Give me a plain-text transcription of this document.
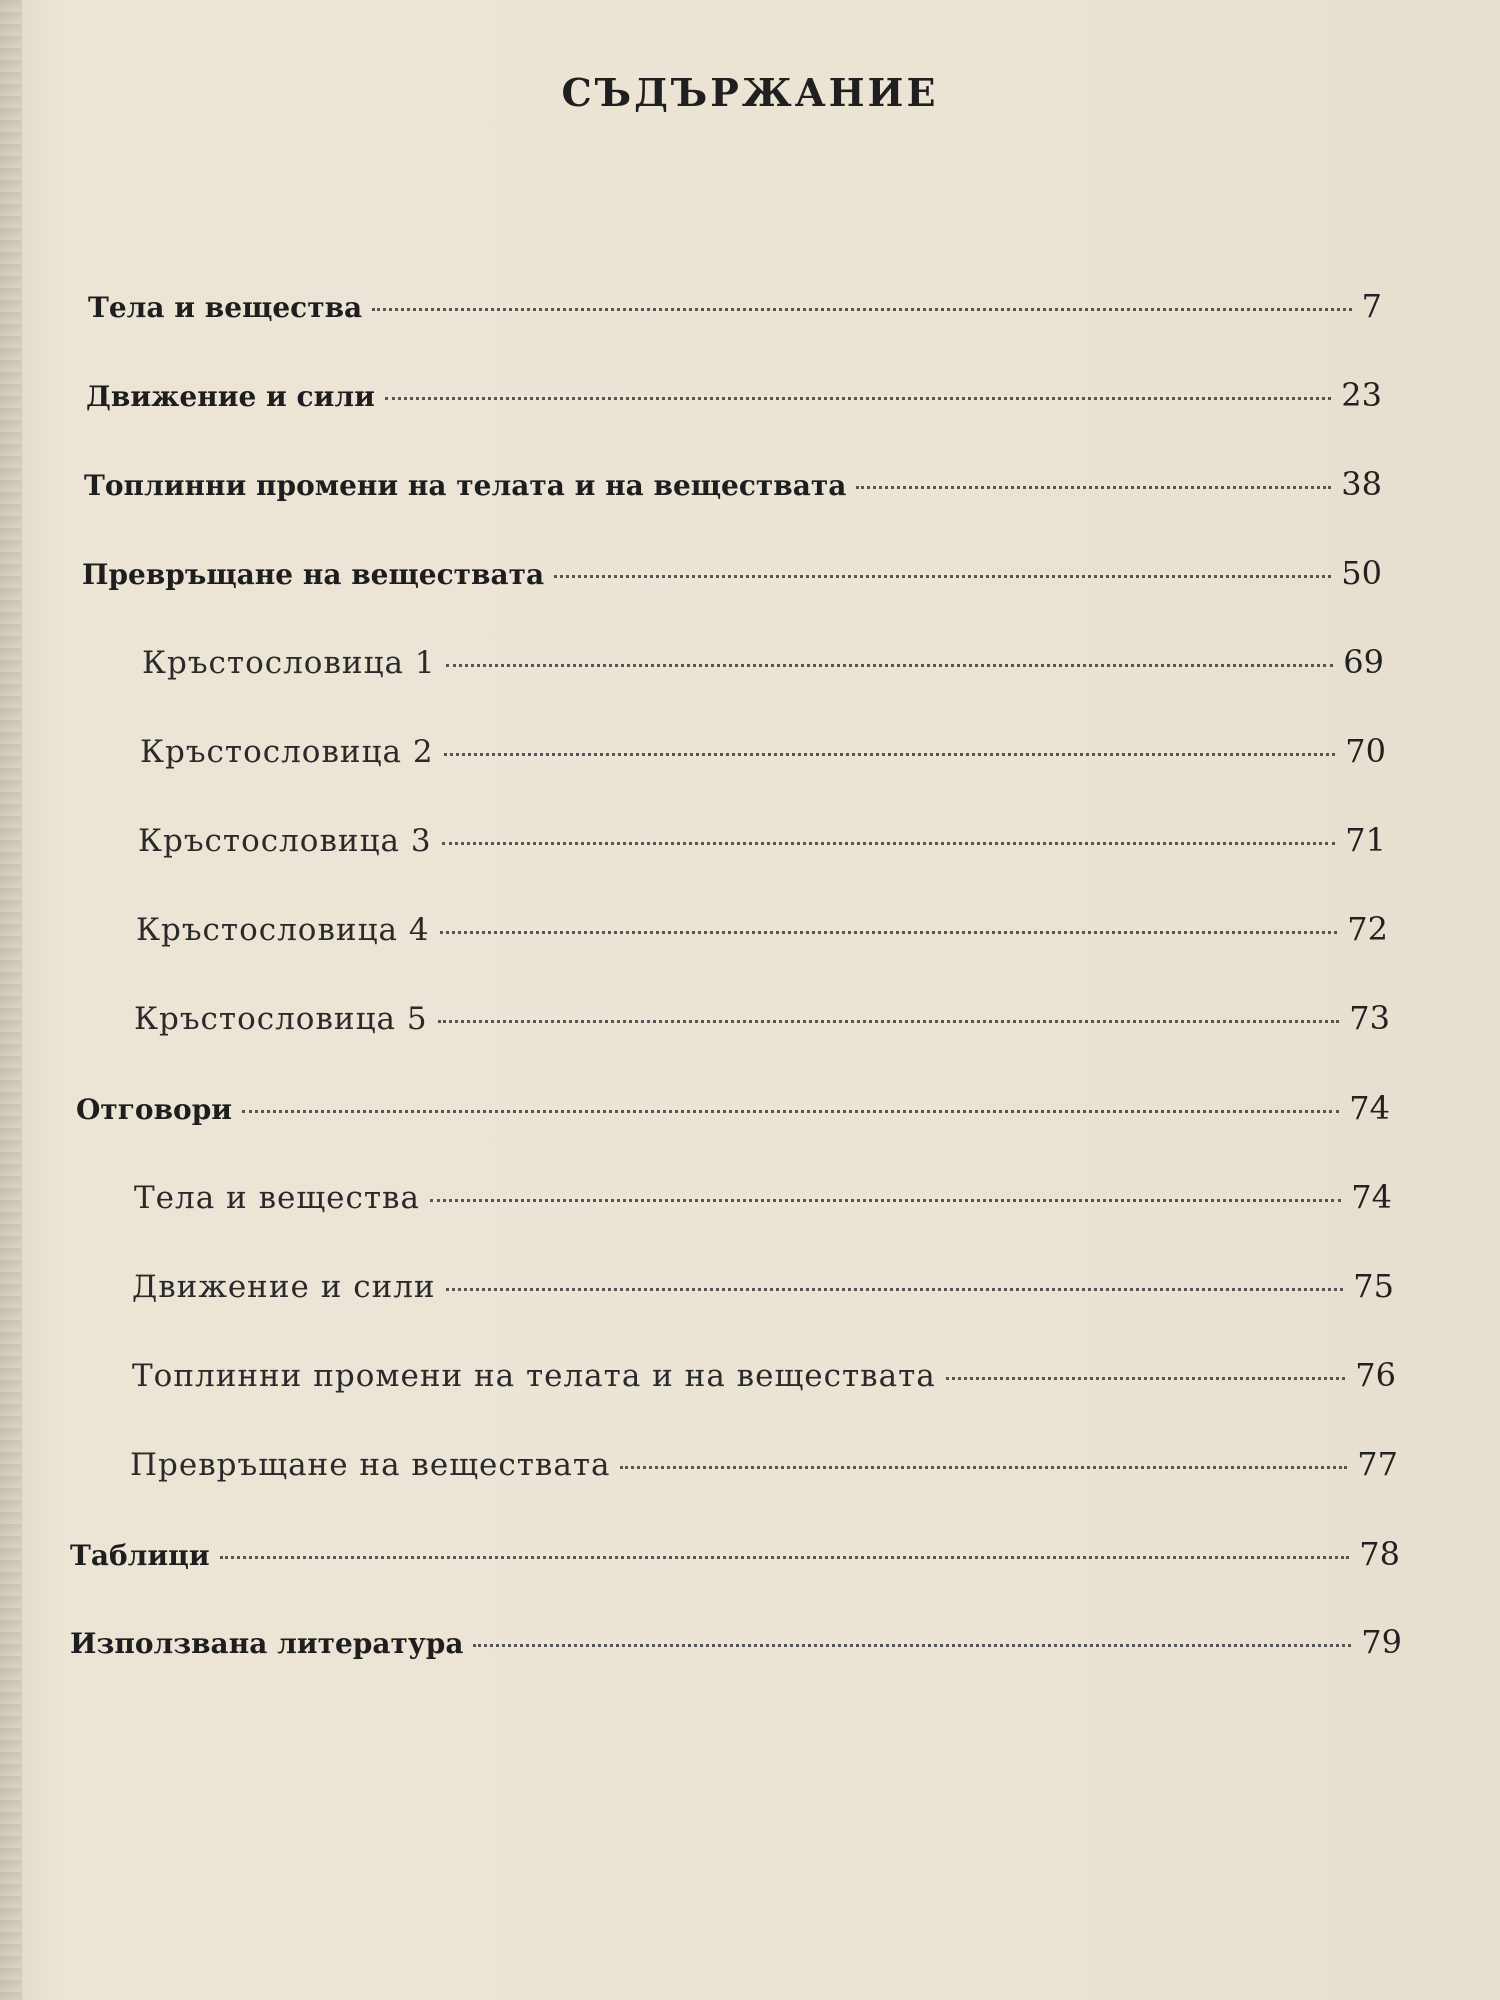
СЪДЪРЖАНИЕ
Тела и вещества	7
Движение и сили	23
Топлинни промени на телата и на веществата	38
Превръщане на веществата	50
Кръстословица 1	69
Кръстословица 2	70
Кръстословица 3	71
Кръстословица 4	72
Кръстословица 5	73
Отговори	74
Тела и вещества	74
Движение и сили	75
Топлинни промени на телата и на веществата	76
Превръщане на веществата	77
Таблици	78
Използвана литература	79
